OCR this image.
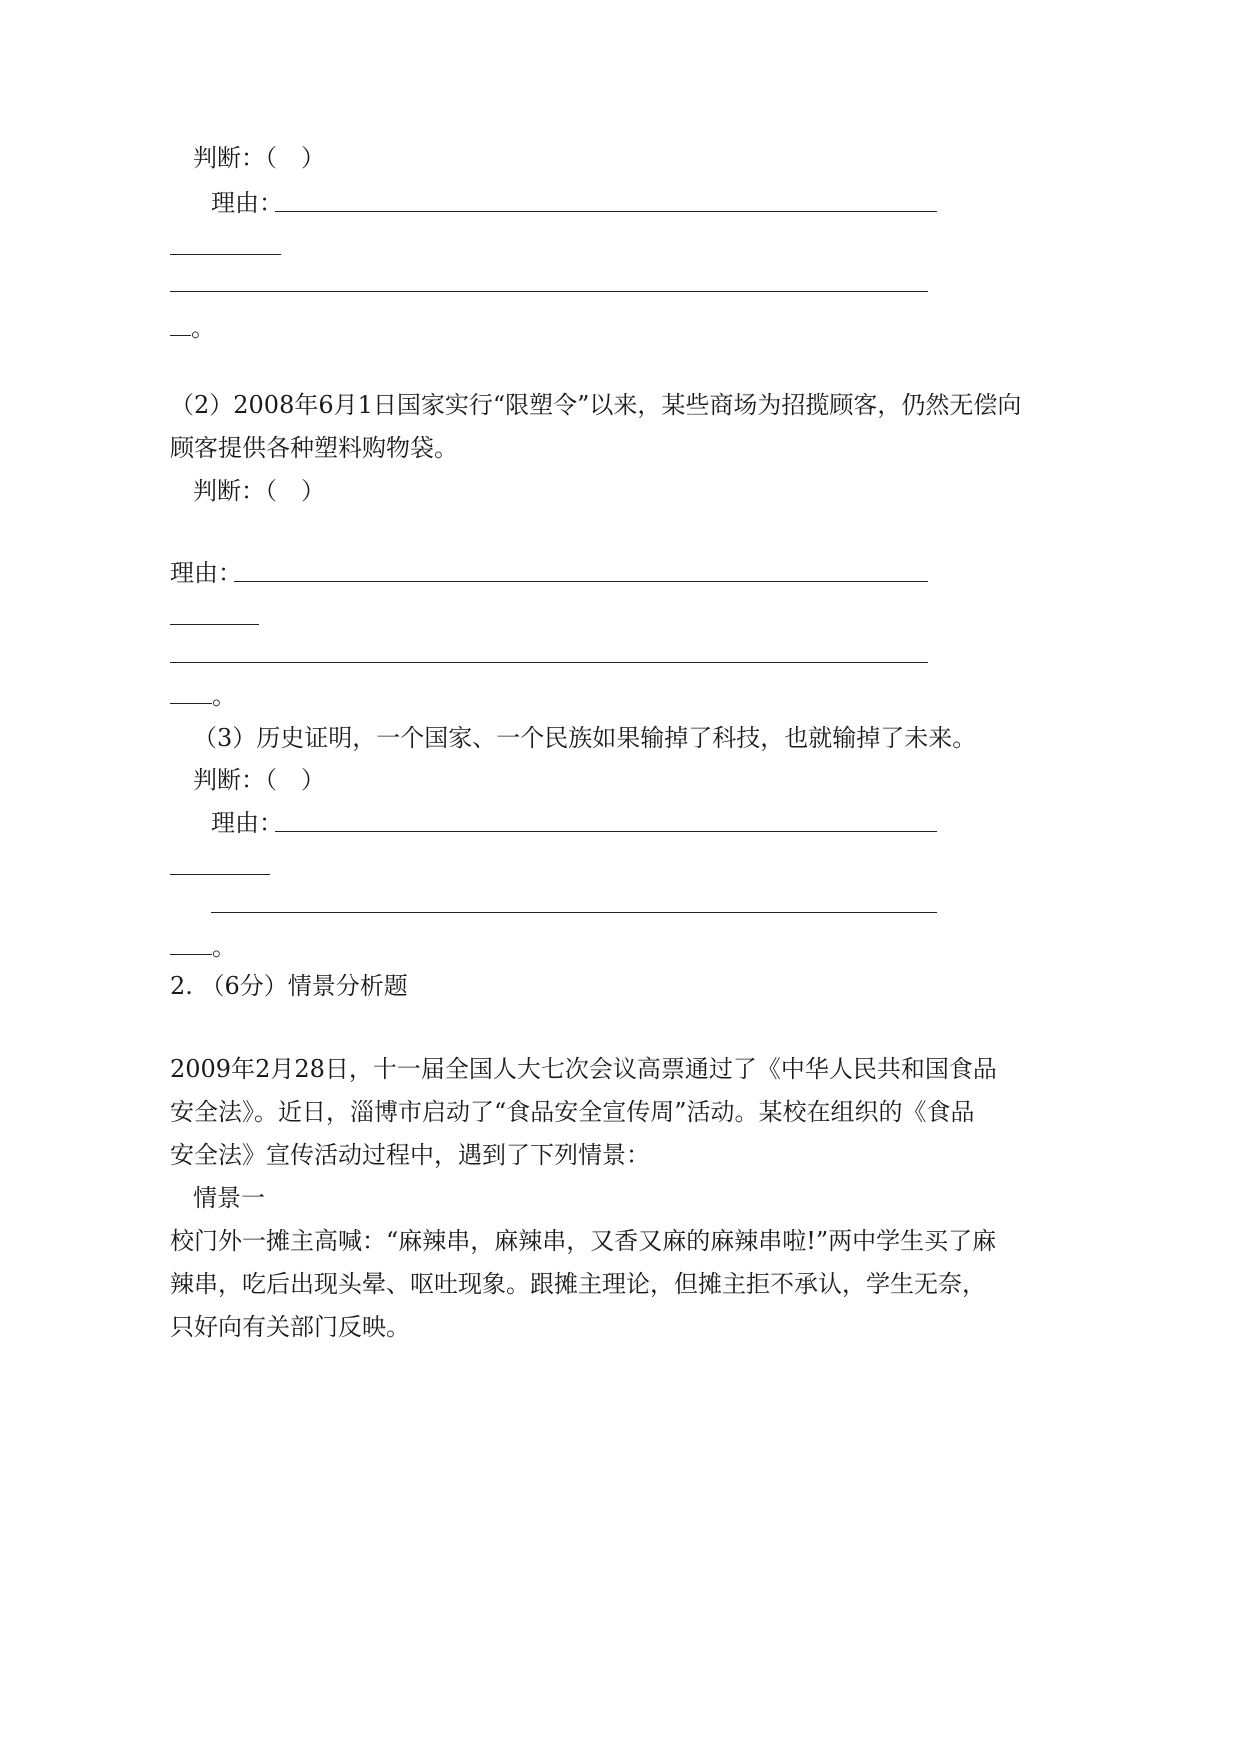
判断：（　）
理由：
。
（2）2008年6月1日国家实行“限塑令”以来，某些商场为招揽顾客，仍然无偿向
顾客提供各种塑料购物袋。
判断：（　）
理由：
。
（3）历史证明，一个国家、一个民族如果输掉了科技，也就输掉了未来。
判断：（　）
理由：
。
2. （6分）情景分析题
2009年2月28日，十一届全国人大七次会议高票通过了《中华人民共和国食品
安全法》。近日，淄博市启动了“食品安全宣传周”活动。某校在组织的《食品
安全法》宣传活动过程中，遇到了下列情景：
情景一
校门外一摊主高喊：“麻辣串，麻辣串，又香又麻的麻辣串啦!”两中学生买了麻
辣串，吃后出现头晕、呕吐现象。跟摊主理论，但摊主拒不承认，学生无奈，
只好向有关部门反映。
